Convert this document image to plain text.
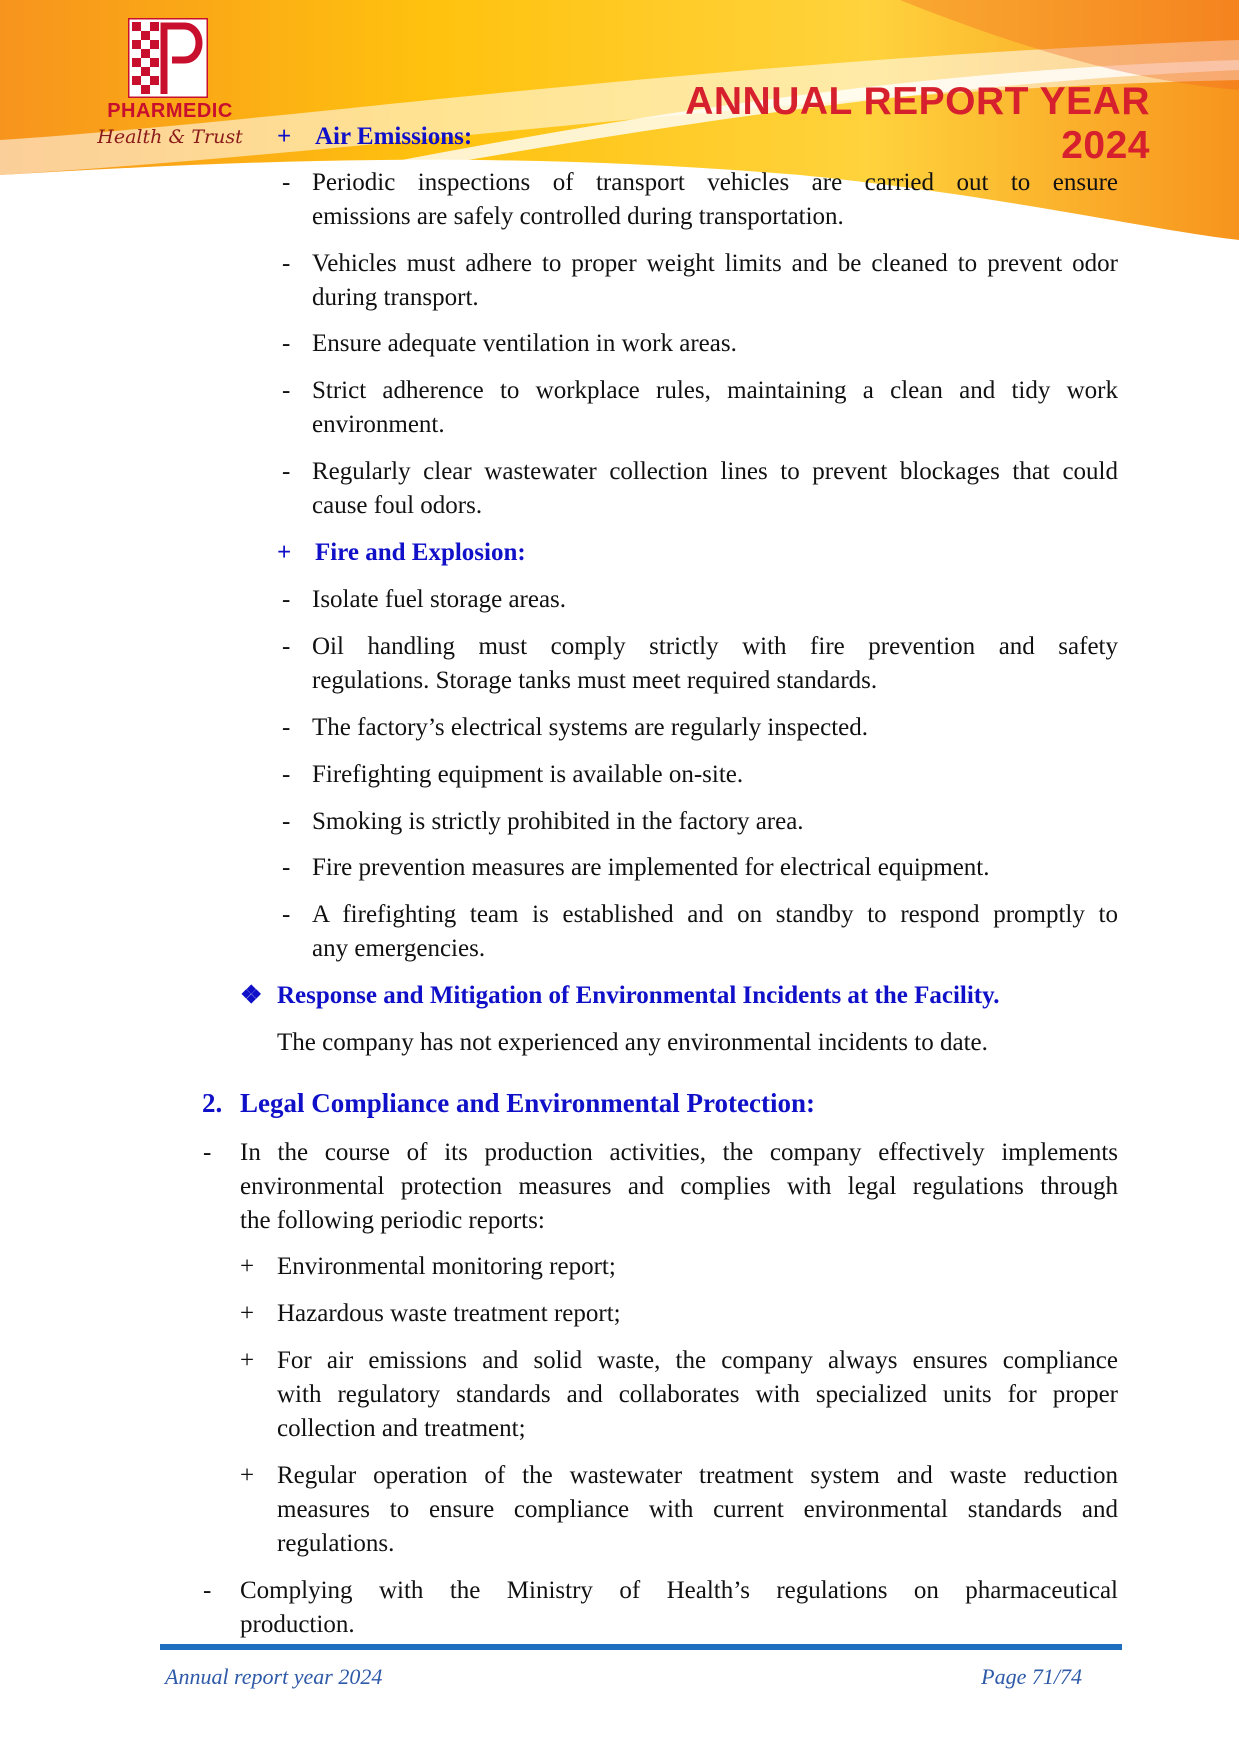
PHARMEDIC
Health & Trust
ANNUAL REPORT YEAR 2024
+ Air Emissions:
- Periodic inspections of transport vehicles are carried out to ensure
emissions are safely controlled during transportation.
- Vehicles must adhere to proper weight limits and be cleaned to prevent odor
during transport.
- Ensure adequate ventilation in work areas.
- Strict adherence to workplace rules, maintaining a clean and tidy work
environment.
- Regularly clear wastewater collection lines to prevent blockages that could
cause foul odors.
+ Fire and Explosion:
- Isolate fuel storage areas.
- Oil handling must comply strictly with fire prevention and safety
regulations. Storage tanks must meet required standards.
- The factory’s electrical systems are regularly inspected.
- Firefighting equipment is available on-site.
- Smoking is strictly prohibited in the factory area.
- Fire prevention measures are implemented for electrical equipment.
- A firefighting team is established and on standby to respond promptly to
any emergencies.
❖ Response and Mitigation of Environmental Incidents at the Facility.
The company has not experienced any environmental incidents to date.
2. Legal Compliance and Environmental Protection:
- In the course of its production activities, the company effectively implements
environmental protection measures and complies with legal regulations through
the following periodic reports:
+ Environmental monitoring report;
+ Hazardous waste treatment report;
+ For air emissions and solid waste, the company always ensures compliance
with regulatory standards and collaborates with specialized units for proper
collection and treatment;
+ Regular operation of the wastewater treatment system and waste reduction
measures to ensure compliance with current environmental standards and
regulations.
- Complying with the Ministry of Health’s regulations on pharmaceutical
production.
Annual report year 2024	Page 71/74
